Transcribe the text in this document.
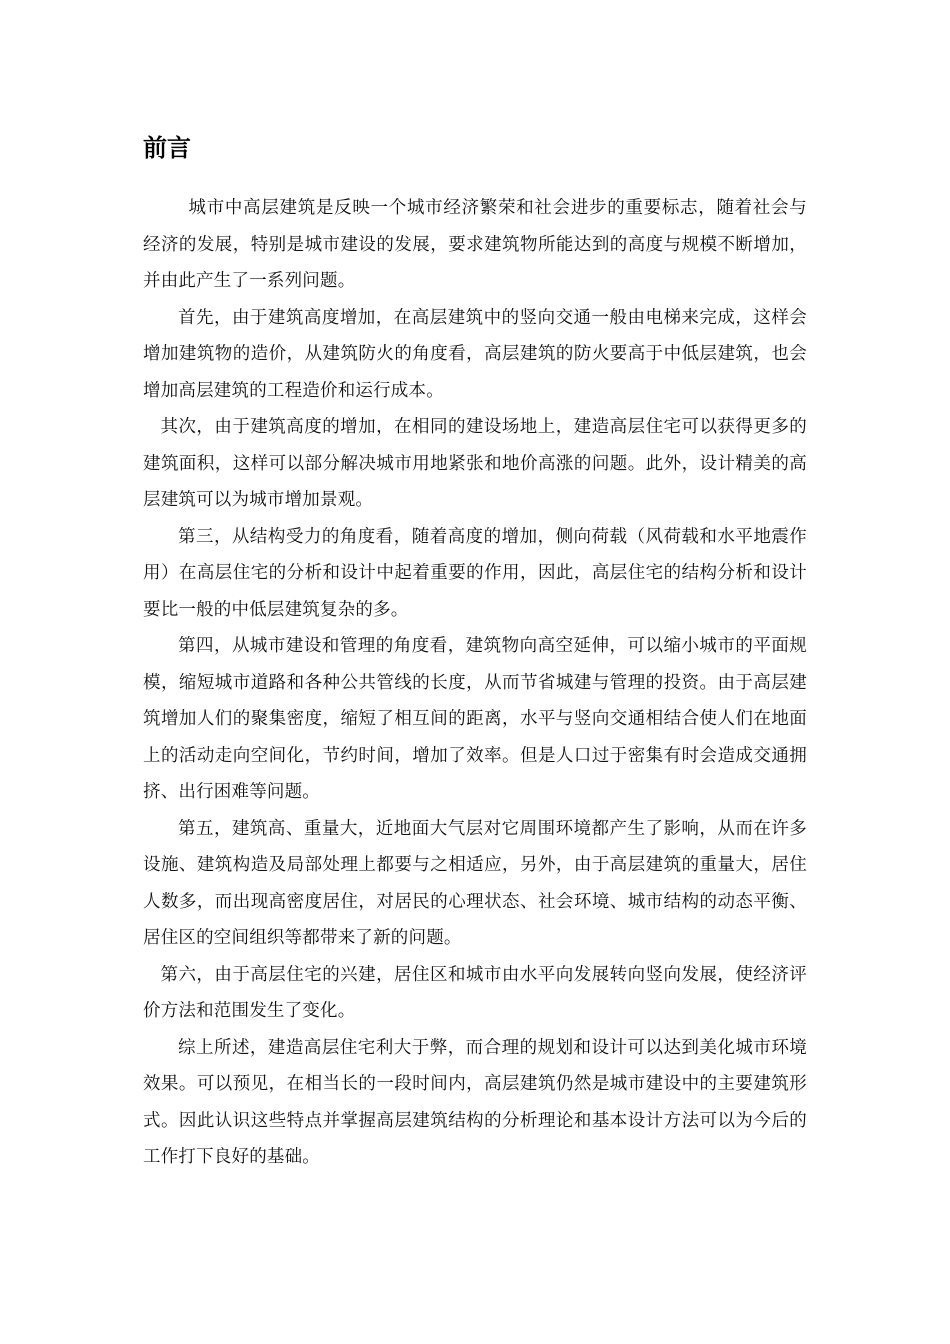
前言

城市中高层建筑是反映一个城市经济繁荣和社会进步的重要标志，随着社会与经济的发展，特别是城市建设的发展，要求建筑物所能达到的高度与规模不断增加，并由此产生了一系列问题。

首先，由于建筑高度增加，在高层建筑中的竖向交通一般由电梯来完成，这样会增加建筑物的造价，从建筑防火的角度看，高层建筑的防火要高于中低层建筑，也会增加高层建筑的工程造价和运行成本。

其次，由于建筑高度的增加，在相同的建设场地上，建造高层住宅可以获得更多的建筑面积，这样可以部分解决城市用地紧张和地价高涨的问题。此外，设计精美的高层建筑可以为城市增加景观。

第三，从结构受力的角度看，随着高度的增加，侧向荷载（风荷载和水平地震作用）在高层住宅的分析和设计中起着重要的作用，因此，高层住宅的结构分析和设计要比一般的中低层建筑复杂的多。

第四，从城市建设和管理的角度看，建筑物向高空延伸，可以缩小城市的平面规模，缩短城市道路和各种公共管线的长度，从而节省城建与管理的投资。由于高层建筑增加人们的聚集密度，缩短了相互间的距离，水平与竖向交通相结合使人们在地面上的活动走向空间化，节约时间，增加了效率。但是人口过于密集有时会造成交通拥挤、出行困难等问题。

第五，建筑高、重量大，近地面大气层对它周围环境都产生了影响，从而在许多设施、建筑构造及局部处理上都要与之相适应，另外，由于高层建筑的重量大，居住人数多，而出现高密度居住，对居民的心理状态、社会环境、城市结构的动态平衡、居住区的空间组织等都带来了新的问题。

第六，由于高层住宅的兴建，居住区和城市由水平向发展转向竖向发展，使经济评价方法和范围发生了变化。

综上所述，建造高层住宅利大于弊，而合理的规划和设计可以达到美化城市环境效果。可以预见，在相当长的一段时间内，高层建筑仍然是城市建设中的主要建筑形式。因此认识这些特点并掌握高层建筑结构的分析理论和基本设计方法可以为今后的工作打下良好的基础。
